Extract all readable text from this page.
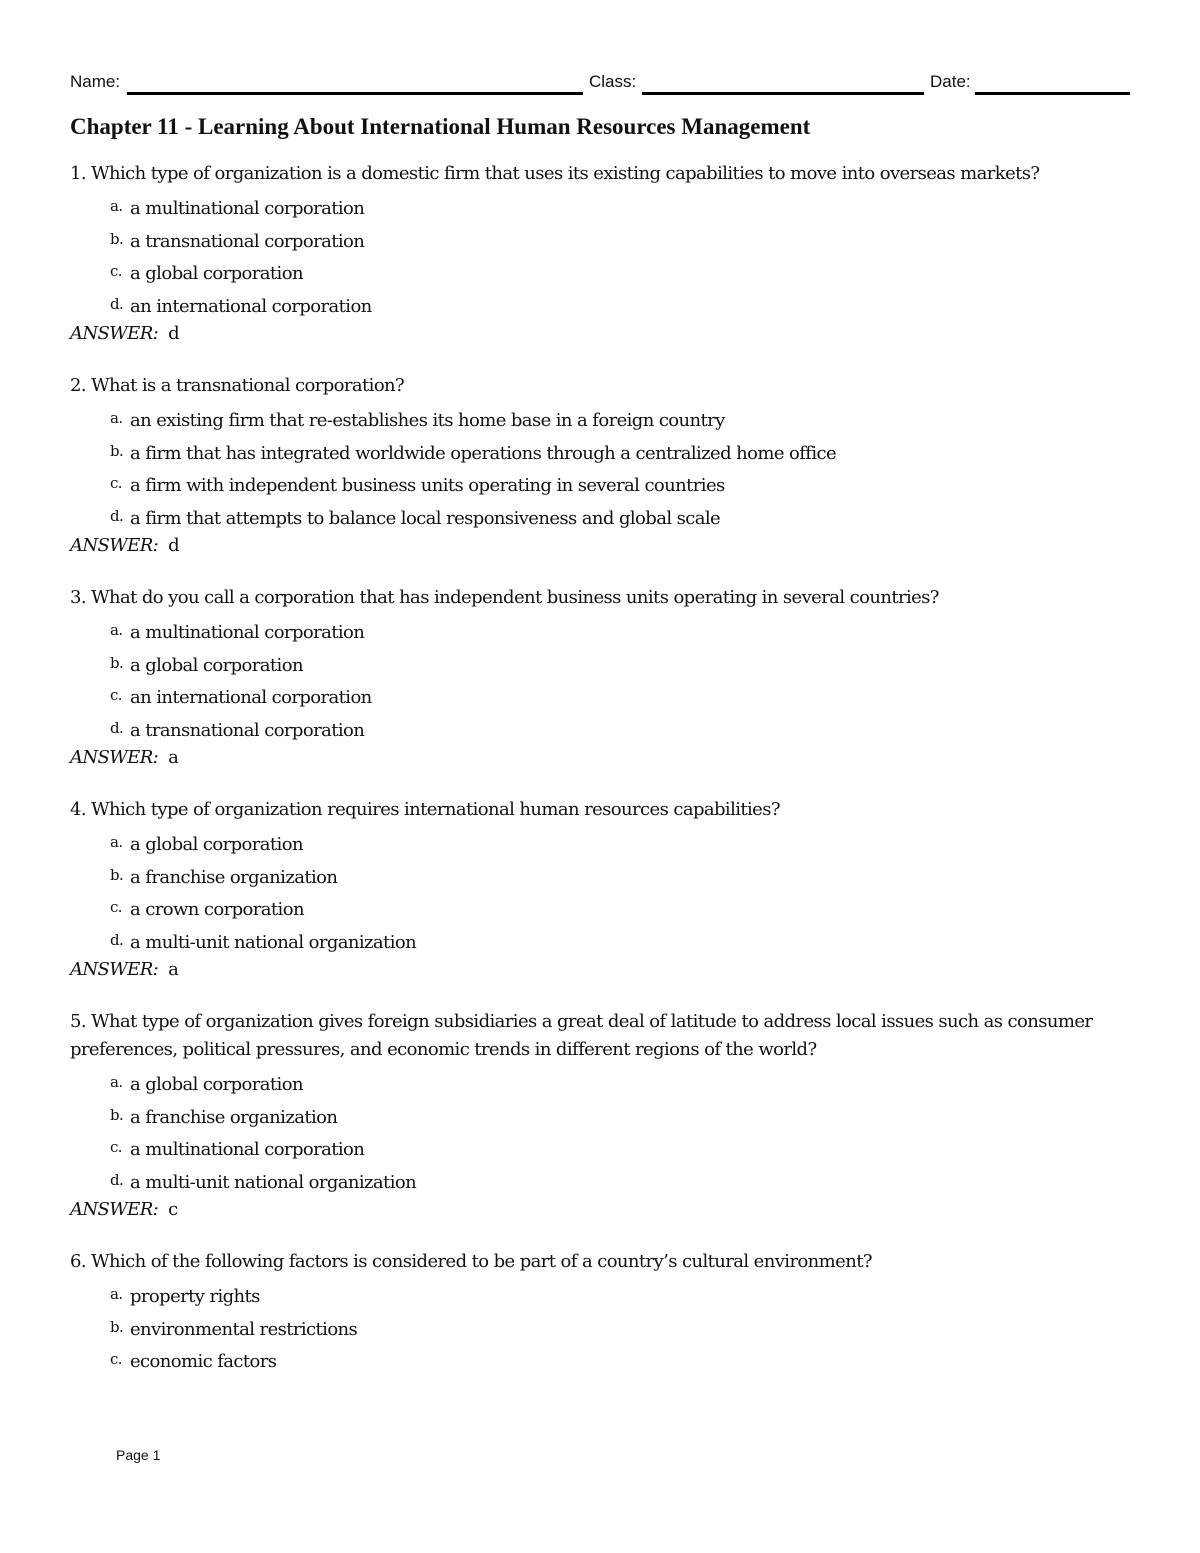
Name:	Class:	Date:
Chapter 11 - Learning About International Human Resources Management

1. Which type of organization is a domestic firm that uses its existing capabilities to move into overseas markets?

a. a multinational corporation
b. a transnational corporation
c. a global corporation
d. an international corporation
ANSWER: d

2. What is a transnational corporation?

a. an existing firm that re-establishes its home base in a foreign country
b. a firm that has integrated worldwide operations through a centralized home office
c. a firm with independent business units operating in several countries
d. a firm that attempts to balance local responsiveness and global scale
ANSWER: d

3. What do you call a corporation that has independent business units operating in several countries?

a. a multinational corporation
b. a global corporation
c. an international corporation
d. a transnational corporation
ANSWER: a

4. Which type of organization requires international human resources capabilities?

a. a global corporation
b. a franchise organization
c. a crown corporation
d. a multi-unit national organization
ANSWER: a

5. What type of organization gives foreign subsidiaries a great deal of latitude to address local issues such as consumer preferences, political pressures, and economic trends in different regions of the world?

a. a global corporation
b. a franchise organization
c. a multinational corporation
d. a multi-unit national organization
ANSWER: c

6. Which of the following factors is considered to be part of a country’s cultural environment?

a. property rights
b. environmental restrictions
c. economic factors
Page 1
